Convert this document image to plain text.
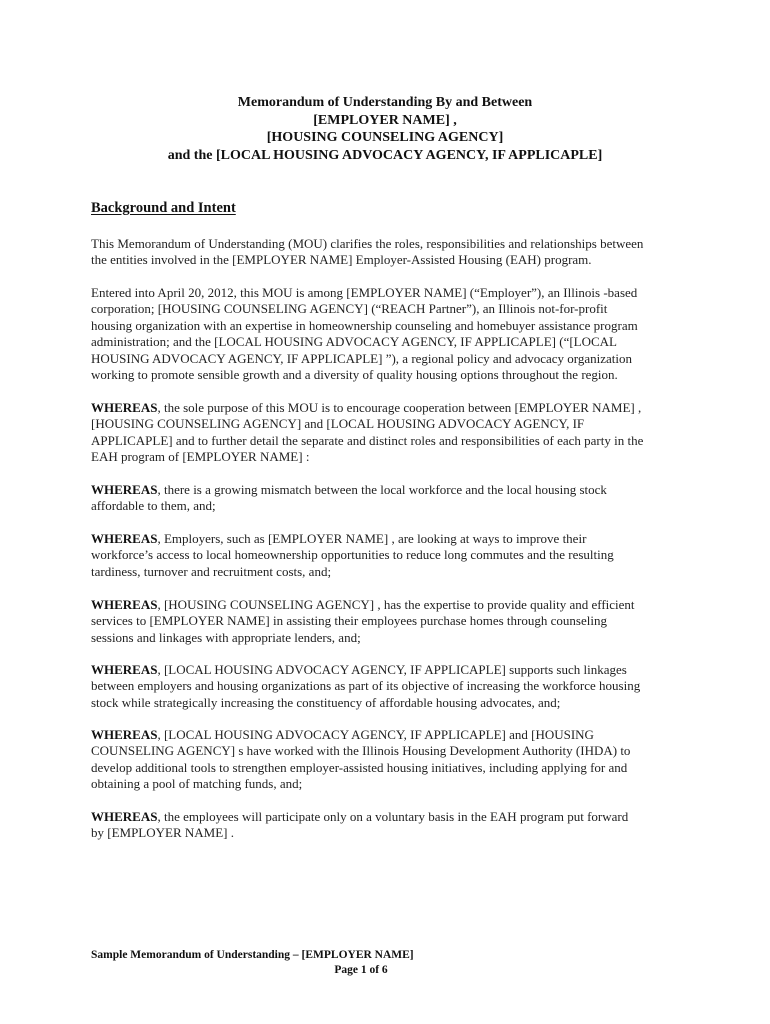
Memorandum of Understanding By and Between
[EMPLOYER NAME] ,
[HOUSING COUNSELING AGENCY]
and the [LOCAL HOUSING ADVOCACY AGENCY, IF APPLICAPLE]
Background and Intent
This Memorandum of Understanding (MOU) clarifies the roles, responsibilities and relationships between
the entities involved in the [EMPLOYER NAME] Employer-Assisted Housing (EAH) program.
Entered into April 20, 2012, this MOU is among [EMPLOYER NAME] (“Employer”), an Illinois -based
corporation; [HOUSING COUNSELING AGENCY] (“REACH Partner”), an Illinois not-for-profit
housing organization with an expertise in homeownership counseling and homebuyer assistance program
administration; and the [LOCAL HOUSING ADVOCACY AGENCY, IF APPLICAPLE] (“[LOCAL
HOUSING ADVOCACY AGENCY, IF APPLICAPLE] ”), a regional policy and advocacy organization
working to promote sensible growth and a diversity of quality housing options throughout the region.
WHEREAS, the sole purpose of this MOU is to encourage cooperation between [EMPLOYER NAME] ,
[HOUSING COUNSELING AGENCY] and [LOCAL HOUSING ADVOCACY AGENCY, IF
APPLICAPLE] and to further detail the separate and distinct roles and responsibilities of each party in the
EAH program of [EMPLOYER NAME] :
WHEREAS, there is a growing mismatch between the local workforce and the local housing stock
affordable to them, and;
WHEREAS, Employers, such as [EMPLOYER NAME] , are looking at ways to improve their
workforce’s access to local homeownership opportunities to reduce long commutes and the resulting
tardiness, turnover and recruitment costs, and;
WHEREAS, [HOUSING COUNSELING AGENCY] , has the expertise to provide quality and efficient
services to [EMPLOYER NAME] in assisting their employees purchase homes through counseling
sessions and linkages with appropriate lenders, and;
WHEREAS, [LOCAL HOUSING ADVOCACY AGENCY, IF APPLICAPLE] supports such linkages
between employers and housing organizations as part of its objective of increasing the workforce housing
stock while strategically increasing the constituency of affordable housing advocates, and;
WHEREAS, [LOCAL HOUSING ADVOCACY AGENCY, IF APPLICAPLE] and [HOUSING
COUNSELING AGENCY] s have worked with the Illinois Housing Development Authority (IHDA) to
develop additional tools to strengthen employer-assisted housing initiatives, including applying for and
obtaining a pool of matching funds, and;
WHEREAS, the employees will participate only on a voluntary basis in the EAH program put forward
by [EMPLOYER NAME] .
Sample Memorandum of Understanding – [EMPLOYER NAME]
Page 1 of 6
